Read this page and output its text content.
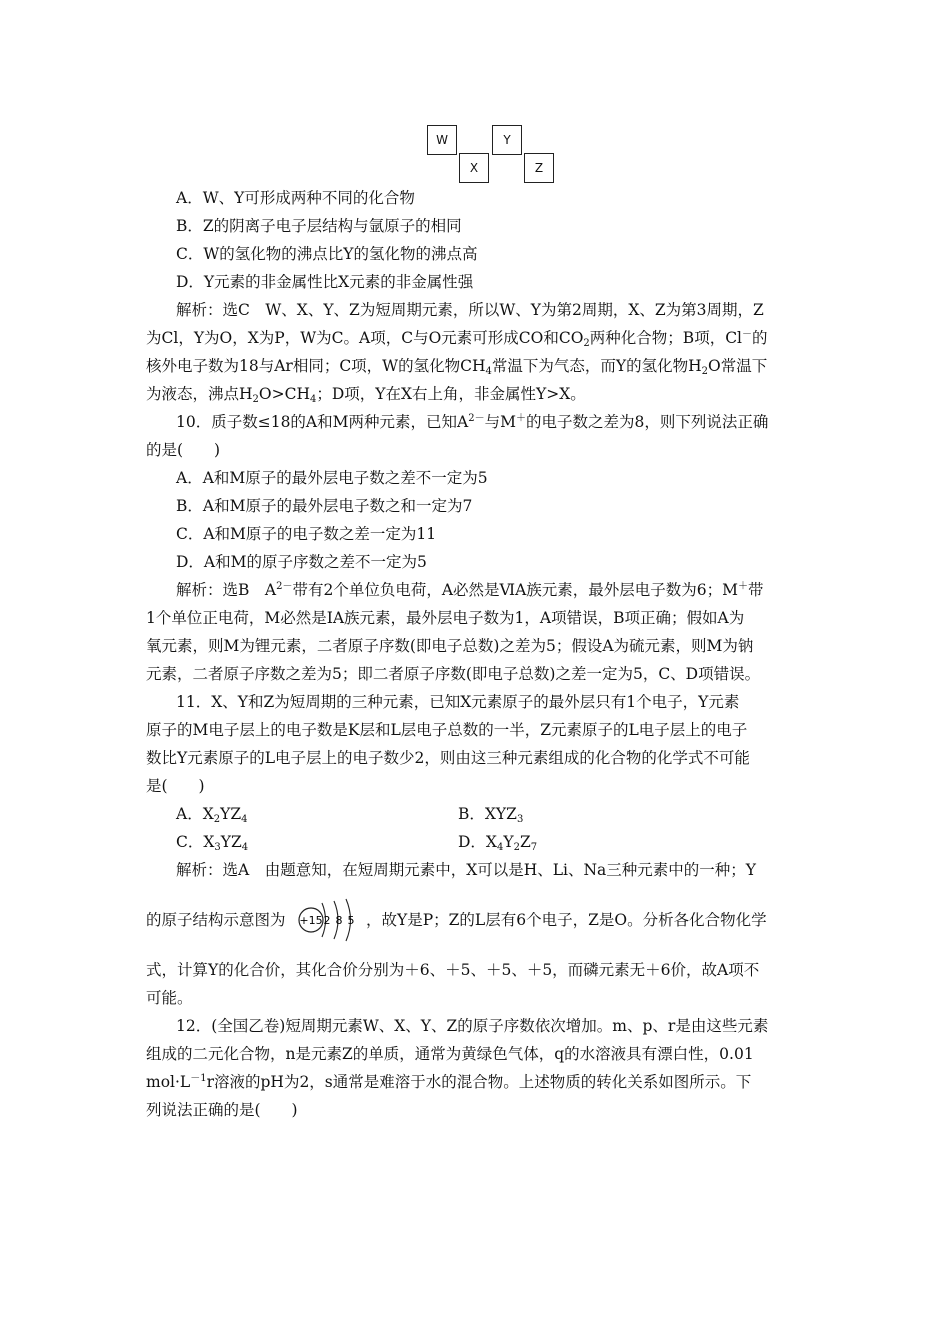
W	Y
X	Z
A．W、Y可形成两种不同的化合物
B．Z的阴离子电子层结构与氩原子的相同
C．W的氢化物的沸点比Y的氢化物的沸点高
D．Y元素的非金属性比X元素的非金属性强
解析：选C　W、X、Y、Z为短周期元素，所以W、Y为第2周期，X、Z为第3周期，Z
为Cl，Y为O，X为P，W为C。A项，C与O元素可形成CO和$CO_2$两种化合物；B项，Cl－的
核外电子数为18与Ar相同；C项，W的氢化物$CH_4$常温下为气态，而Y的氢化物$H_2O$常温下
为液态，沸点$H_2O>CH_4$；D项，Y在X右上角，非金属性Y>X。
10．质子数≤18的A和M两种元素，已知$A^{2-}$与M＋的电子数之差为8，则下列说法正确
的是(　　)
A．A和M原子的最外层电子数之差不一定为5
B．A和M原子的最外层电子数之和一定为7
C．A和M原子的电子数之差一定为11
D．A和M的原子序数之差不一定为5
解析：选B　$A^{2-}$带有2个单位负电荷，A必然是ⅥA族元素，最外层电子数为6；M＋带
1个单位正电荷，M必然是ⅠA族元素，最外层电子数为1，A项错误，B项正确；假如A为
氧元素，则M为锂元素，二者原子序数(即电子总数)之差为5；假设A为硫元素，则M为钠
元素，二者原子序数之差为5；即二者原子序数(即电子总数)之差一定为5，C、D项错误。
11．X、Y和Z为短周期的三种元素，已知X元素原子的最外层只有1个电子，Y元素
原子的M电子层上的电子数是K层和L层电子总数的一半，Z元素原子的L电子层上的电子
数比Y元素原子的L电子层上的电子数少2，则由这三种元素组成的化合物的化学式不可能
是(　　)
A．$X_2YZ_4$	B．$XYZ_3$
C．$X_3YZ_4$	D．$X_4Y_2Z_7$
解析：选A　由题意知，在短周期元素中，X可以是H、Li、Na三种元素中的一种；Y
的原子结构示意图为 +15 2 8 5 ，故Y是P；Z的L层有6个电子，Z是O。分析各化合物化学
式，计算Y的化合价，其化合价分别为＋6、＋5、＋5、＋5，而磷元素无＋6价，故A项不
可能。
12．(全国乙卷)短周期元素W、X、Y、Z的原子序数依次增加。m、p、r是由这些元素
组成的二元化合物，n是元素Z的单质，通常为黄绿色气体，q的水溶液具有漂白性，0.01
$mol\cdot L^{-1}r$溶液的pH为2，s通常是难溶于水的混合物。上述物质的转化关系如图所示。下
列说法正确的是(　　)
